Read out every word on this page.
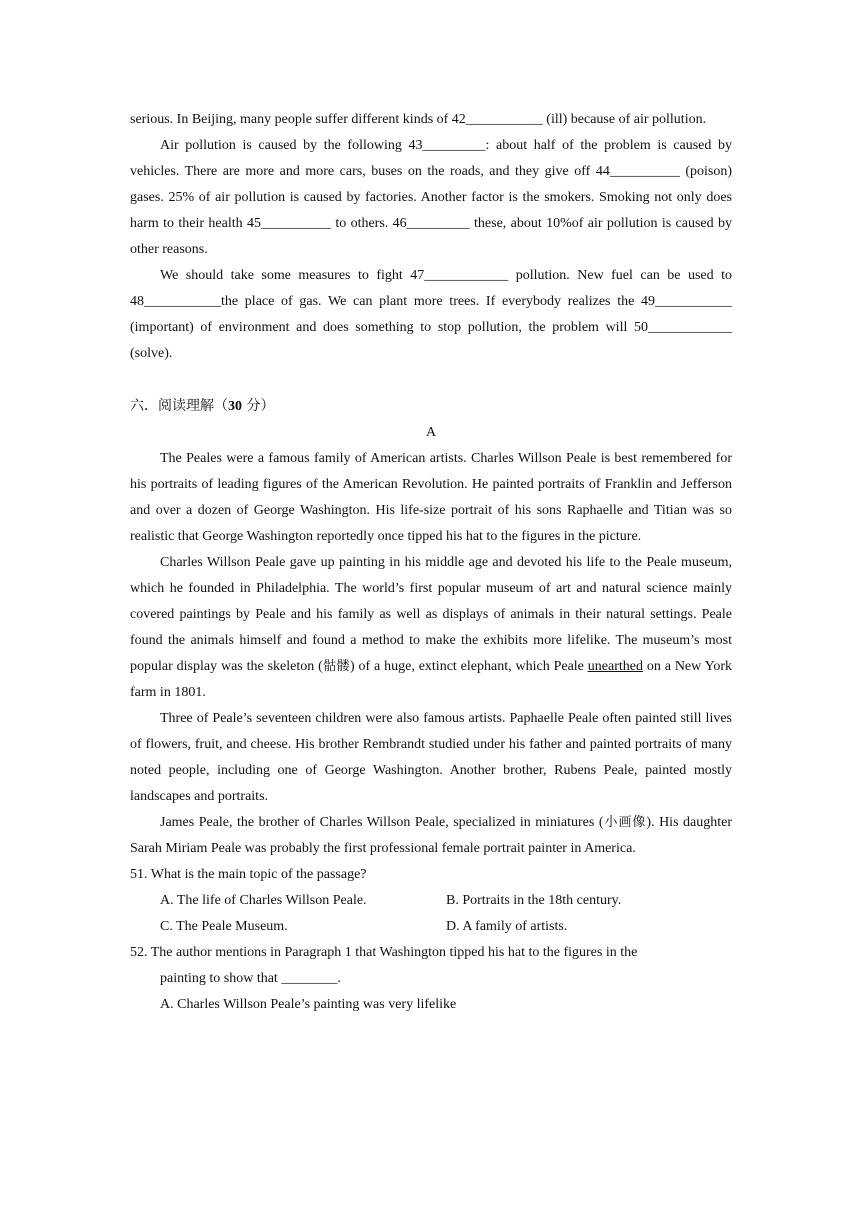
serious. In Beijing, many people suffer different kinds of 42___________ (ill) because of air pollution.

Air pollution is caused by the following 43_________: about half of the problem is caused by vehicles. There are more and more cars, buses on the roads, and they give off 44__________ (poison) gases. 25% of air pollution is caused by factories. Another factor is the smokers. Smoking not only does harm to their health 45__________ to others. 46_________ these, about 10%of air pollution is caused by other reasons.

We should take some measures to fight 47____________ pollution. New fuel can be used to 48___________the place of gas. We can plant more trees. If everybody realizes the 49___________ (important) of environment and does something to stop pollution, the problem will 50____________ (solve).

六．阅读理解（30 分）

A

The Peales were a famous family of American artists. Charles Willson Peale is best remembered for his portraits of leading figures of the American Revolution. He painted portraits of Franklin and Jefferson and over a dozen of George Washington. His life-size portrait of his sons Raphaelle and Titian was so realistic that George Washington reportedly once tipped his hat to the figures in the picture.

Charles Willson Peale gave up painting in his middle age and devoted his life to the Peale museum, which he founded in Philadelphia. The world’s first popular museum of art and natural science mainly covered paintings by Peale and his family as well as displays of animals in their natural settings. Peale found the animals himself and found a method to make the exhibits more lifelike. The museum’s most popular display was the skeleton (骷髅) of a huge, extinct elephant, which Peale unearthed on a New York farm in 1801.

Three of Peale’s seventeen children were also famous artists. Paphaelle Peale often painted still lives of flowers, fruit, and cheese. His brother Rembrandt studied under his father and painted portraits of many noted people, including one of George Washington. Another brother, Rubens Peale, painted mostly landscapes and portraits.

James Peale, the brother of Charles Willson Peale, specialized in miniatures (小画像). His daughter Sarah Miriam Peale was probably the first professional female portrait painter in America.

51. What is the main topic of the passage?

A. The life of Charles Willson Peale.	B. Portraits in the 18th century.
C. The Peale Museum.	D. A family of artists.

52. The author mentions in Paragraph 1 that Washington tipped his hat to the figures in the

painting to show that ________.

A. Charles Willson Peale’s painting was very lifelike
